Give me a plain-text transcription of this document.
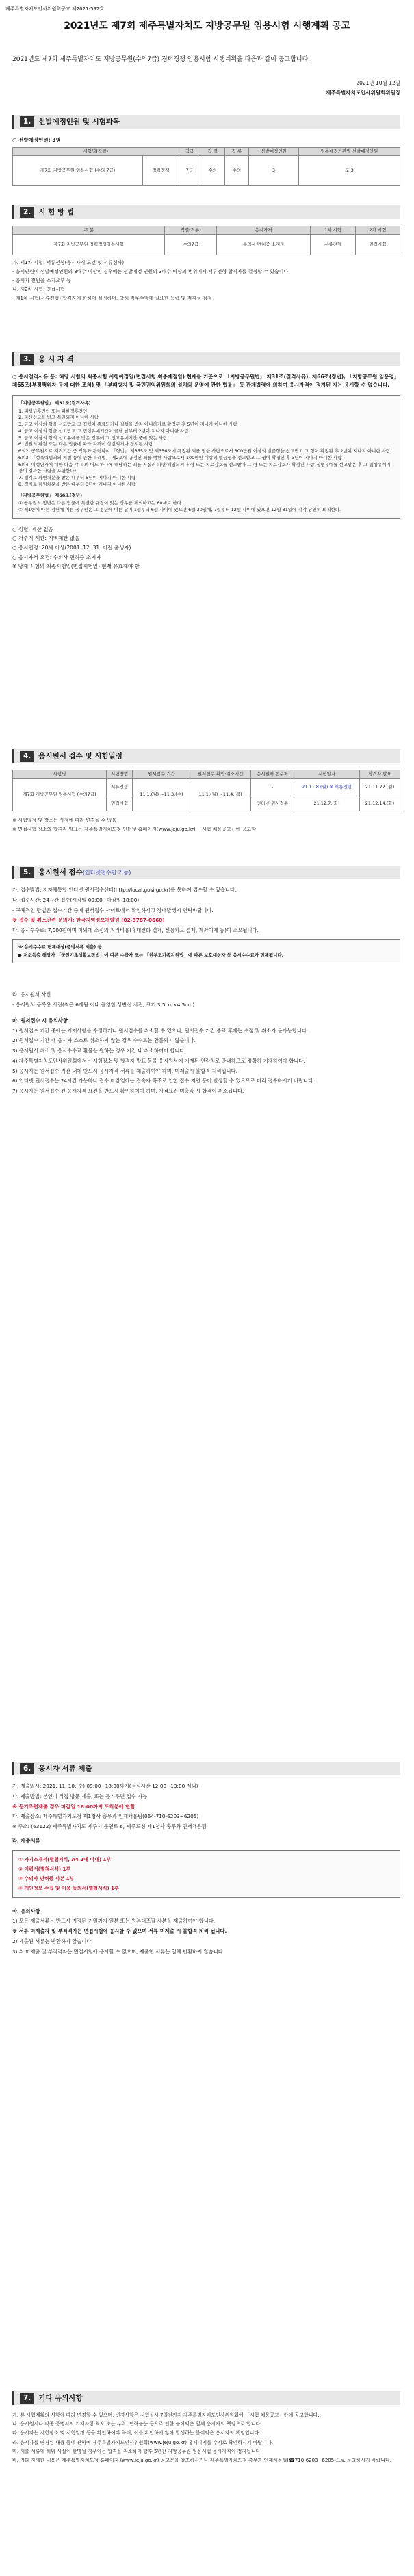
제주특별자치도인사위원회공고 제2021-592호
2021년도 제7회 제주특별자치도 지방공무원 임용시험 시행계획 공고
2021년도 제7회 제주특별자치도 지방공무원(수의7급) 경력경쟁 임용시험 시행계획을 다음과 같이 공고합니다.
2021년 10월 12일
제주특별자치도인사위원회위원장
1. 선발예정인원 및 시험과목
○ 선발예정인원: 3명
시험명(직렬)		직급	직 렬	직 류	선발예정인원	임용예정기관별 선발예정인원
제7회 지방공무원 임용시험 (수의 7급)	경력경쟁	7급	수의	수의	3	도 3
2. 시 험 방 법
구 분	직렬(직류)	응시자격	1차 시험	2차 시험
제7회 지방공무원 경력경쟁임용시험	수의7급	수의사 면허증 소지자	서류전형	면접시험

가. 제1차 시험: 서류전형(응시자격 요건 및 서류심사)

- 응시인원이 선발예정인원의 3배수 이상인 경우에는 선발예정 인원의 3배수 이상의 범위에서 서류전형 합격자를 결정할 수 있습니다.

- 응시자 전원을 소지요부 등

나. 제2차 시험: 면접시험

- 제1차 시험(서류전형) 합격자에 한하여 실시하며, 당해 직무수행에 필요한 능력 및 적격성 검정

3. 응 시 자 격
○ 응시결격사유 등: 해당 시험의 최종시험 시행예정일(면접시험 최종예정일) 현재를 기준으로 「지방공무원법」 제31조(결격사유), 제66조(정년), 「지방공무원 임용령」 제65조(부정행위자 등에 대한 조치) 및 「부패방지 및 국민권익위원회의 설치와 운영에 관한 법률」 등 관계법령에 의하여 응시자격이 정지된 자는 응시할 수 없습니다.
「지방공무원법」 제31조(결격사유)
1. 피성년후견인 또는 피한정후견인
2. 파산선고를 받고 복권되지 아니한 사람
3. 금고 이상의 형을 선고받고 그 집행이 종료되거나 집행을 받지 아니하기로 확정된 후 5년이 지나지 아니한 사람
4. 금고 이상의 형을 선고받고 그 집행유예기간이 끝난 날부터 2년이 지나지 아니한 사람
5. 금고 이상의 형의 선고유예를 받은 경우에 그 선고유예기간 중에 있는 사람
6. 법원의 판결 또는 다른 법률에 따라 자격이 상실되거나 정지된 사람
6의2. 공무원으로 재직기간 중 직무와 관련하여 「형법」 제355조 및 제356조에 규정된 죄를 범한 사람으로서 300만원 이상의 벌금형을 선고받고 그 형이 확정된 후 2년이 지나지 아니한 사람
6의3. 「성폭력범죄의 처벌 등에 관한 특례법」 제2조에 규정된 죄를 범한 사람으로서 100만원 이상의 벌금형을 선고받고 그 형이 확정된 후 3년이 지나지 아니한 사람
6의4. 미성년자에 대한 다음 각 목의 어느 하나에 해당하는 죄를 저질러 파면·해임되거나 형 또는 치료감호를 선고받아 그 형 또는 치료감호가 확정된 사람(집행유예를 선고받은 후 그 집행유예기간이 경과한 사람을 포함한다)
7. 징계로 파면처분을 받은 때부터 5년이 지나지 아니한 사람
8. 징계로 해임처분을 받은 때부터 3년이 지나지 아니한 사람
「지방공무원법」 제66조(정년)
① 공무원의 정년은 다른 법률에 특별한 규정이 있는 경우를 제외하고는 60세로 한다.
② 제1항에 따른 정년에 이른 공무원은 그 정년에 이른 날이 1월부터 6월 사이에 있으면 6월 30일에, 7월부터 12월 사이에 있으면 12월 31일에 각각 당연히 퇴직한다.

○ 성별: 제한 없음

○ 거주지 제한: 지역제한 없음

○ 응시연령: 20세 이상(2001. 12. 31. 이전 출생자)

○ 응시자격 요건: 수의사 면허증 소지자

※ 당해 시험의 최종시험일(면접시험일) 현재 유효해야 함

4. 응시원서 접수 및 시험일정
시험명	시험방법	원서접수 기간	원서접수 확인·취소기간	응시원서 접수처	시험일자	합격자 발표
제7회 지방공무원 임용시험 (수의7급)	서류전형	11.1.(월) ~11.3.(수)	11.1.(월) ~11.4.(목)	-	21.11.8.(월) ※ 서류전형	21.11.22.(월)
	면접시험			인터넷 원서접수	21.12.7.(화)	21.12.14.(화)

※ 시험일정 및 장소는 사정에 따라 변경될 수 있음

※ 면접시험 장소와 합격자 발표는 제주특별자치도청 인터넷 홈페이지(www.jeju.go.kr) 「시험·채용공고」에 공고함

5. 응시원서 접수(인터넷접수만 가능)

가. 접수방법: 지자체통합 인터넷 원서접수센터(http://local.gosi.go.kr)를 통하여 접수할 수 있습니다.

나. 접수시간: 24시간 접수(시작일 09:00~마감일 18:00)

- 구체적인 방법은 접수기간 중에 원서접수 사이트에서 확인하시고 장애발생시 연락바랍니다.

※ 접수 및 취소관련 문의처: 한국지역정보개발원 (02-3787-0660)

다. 응시수수료: 7,000원이며 이외에 소정의 처리비용(휴대전화 결제, 신용카드 결제, 계좌이체 등)이 소요됩니다.

※ 응시수수료 면제대상(증빙서류 제출) 등
▶ 저소득층 해당자 「국민기초생활보장법」에 따른 수급자 또는 「한부모가족지원법」에 따른 보호대상자 등 응시수수료가 면제됩니다.

라. 응시원서 사진

- 응시원서 등록용 사진(최근 6개월 이내 촬영한 상반신 사진, 크기 3.5cm×4.5cm)

마. 원서접수 시 유의사항

1) 원서접수 기간 중에는 기재사항을 수정하거나 원서접수를 취소할 수 있으나, 원서접수 기간 종료 후에는 수정 및 취소가 불가능합니다.

2) 원서접수 기간 내 응시자 스스로 취소하지 않는 경우 수수료는 환불되지 않습니다.

3) 응시원서 취소 및 응시수수료 환불을 원하는 경우 기간 내 취소하여야 합니다.

4) 제주특별자치도인사위원회에서는 시험장소 및 합격자 발표 등을 응시원서에 기재된 연락처로 안내하므로 정확히 기재하여야 합니다.

5) 응시자는 원서접수 기간 내에 반드시 응시자격 서류를 제출하여야 하며, 미제출시 불합격 처리됩니다.

6) 인터넷 원서접수는 24시간 가능하나 접수 마감일에는 접속자 폭주로 인한 접수 지연 등이 발생할 수 있으므로 미리 접수하시기 바랍니다.

7) 응시자는 원서접수 전 응시자격 요건을 반드시 확인하여야 하며, 자격요건 미충족 시 합격이 취소됩니다.

6. 응시자 서류 제출

가. 제출일시: 2021. 11. 10.(수) 09:00~18:00까지(점심시간 12:00~13:00 제외)

나. 제출방법: 본인이 직접 방문 제출, 또는 등기우편 접수 가능

※ 등기우편제출 경우 마감일 18:00까지 도착분에 한함

다. 제출장소: 제주특별자치도청 제1청사 총무과 인재채용팀(064-710-6203~6205)

※ 주소: (63122) 제주특별자치도 제주시 문연로 6, 제주도청 제1청사 총무과 인재채용팀

라. 제출서류

① 자기소개서(별첨서식, A4 2매 이내) 1부
② 이력서(별첨서식) 1부
③ 수의사 면허증 사본 1부
④ 개인정보 수집 및 이용 동의서(별첨서식) 1부

마. 유의사항

1) 모든 제출서류는 반드시 지정된 기일까지 원본 또는 원본대조필 사본을 제출하여야 합니다.

※ 서류 미제출자 및 부적격자는 면접시험에 응시할 수 없으며 서류 미제출 시 불합격 처리 됩니다.

2) 제출된 서류는 반환하지 않습니다.

3) 위 미제출 및 부적격자는 면접시험에 응시할 수 없으며, 제출한 서류는 일체 반환하지 않습니다.

7. 기타 유의사항

가. 본 시험계획의 사항에 따라 변경할 수 있으며, 변경사항은 시험실시 7일전까지 제주특별자치도인사위원회에 「시험·채용공고」란에 공고합니다.

나. 응시원서나 각종 증명서의 기재사항 착오 또는 누락, 연락불능 등으로 인한 불이익은 일체 응시자의 책임으로 합니다.

다. 응시자는 시험장소 및 시험일정 등을 확인하여야 하며, 이를 확인하지 않아 발생하는 불이익은 응시자의 책임입니다.

라. 응시자를 변경된 내용 등에 관하여 제주특별자치도인사위원회(www.jeju.go.kr) 홈페이지를 수시로 확인하시기 바랍니다.

마. 제출 서류에 허위 사실이 판명될 경우에는 합격을 취소하며 향후 5년간 지방공무원 임용시험 응시자격이 정지됩니다.

바. 기타 자세한 내용은 제주특별자치도청 홈페이지 (www.jeju.go.kr) 공고문을 참조하시거나 제주특별자치도청 총무과 인재채용팀(☎710-6203~6205)으로 문의하시기 바랍니다.
